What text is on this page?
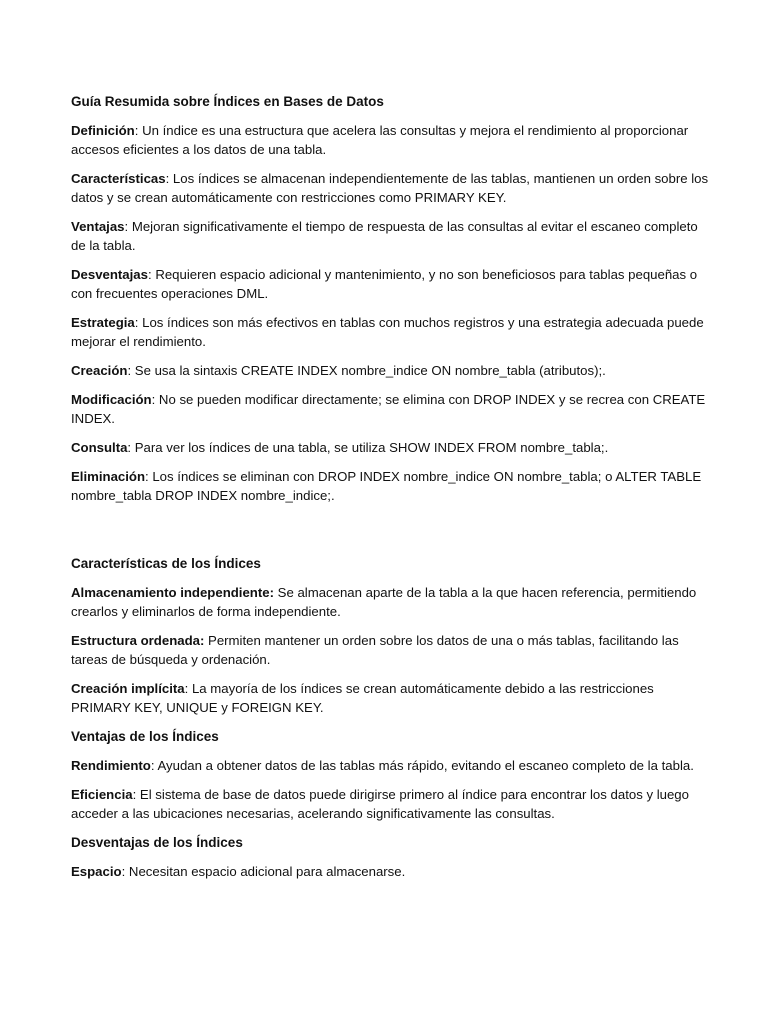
Guía Resumida sobre Índices en Bases de Datos

Definición: Un índice es una estructura que acelera las consultas y mejora el rendimiento al proporcionar accesos eficientes a los datos de una tabla.

Características: Los índices se almacenan independientemente de las tablas, mantienen un orden sobre los datos y se crean automáticamente con restricciones como PRIMARY KEY.

Ventajas: Mejoran significativamente el tiempo de respuesta de las consultas al evitar el escaneo completo de la tabla.

Desventajas: Requieren espacio adicional y mantenimiento, y no son beneficiosos para tablas pequeñas o con frecuentes operaciones DML.

Estrategia: Los índices son más efectivos en tablas con muchos registros y una estrategia adecuada puede mejorar el rendimiento.

Creación: Se usa la sintaxis CREATE INDEX nombre_indice ON nombre_tabla (atributos);.

Modificación: No se pueden modificar directamente; se elimina con DROP INDEX y se recrea con CREATE INDEX.

Consulta: Para ver los índices de una tabla, se utiliza SHOW INDEX FROM nombre_tabla;.

Eliminación: Los índices se eliminan con DROP INDEX nombre_indice ON nombre_tabla; o ALTER TABLE nombre_tabla DROP INDEX nombre_indice;.

Características de los Índices

Almacenamiento independiente: Se almacenan aparte de la tabla a la que hacen referencia, permitiendo crearlos y eliminarlos de forma independiente.

Estructura ordenada: Permiten mantener un orden sobre los datos de una o más tablas, facilitando las tareas de búsqueda y ordenación.

Creación implícita: La mayoría de los índices se crean automáticamente debido a las restricciones PRIMARY KEY, UNIQUE y FOREIGN KEY.

Ventajas de los Índices

Rendimiento: Ayudan a obtener datos de las tablas más rápido, evitando el escaneo completo de la tabla.

Eficiencia: El sistema de base de datos puede dirigirse primero al índice para encontrar los datos y luego acceder a las ubicaciones necesarias, acelerando significativamente las consultas.

Desventajas de los Índices

Espacio: Necesitan espacio adicional para almacenarse.
